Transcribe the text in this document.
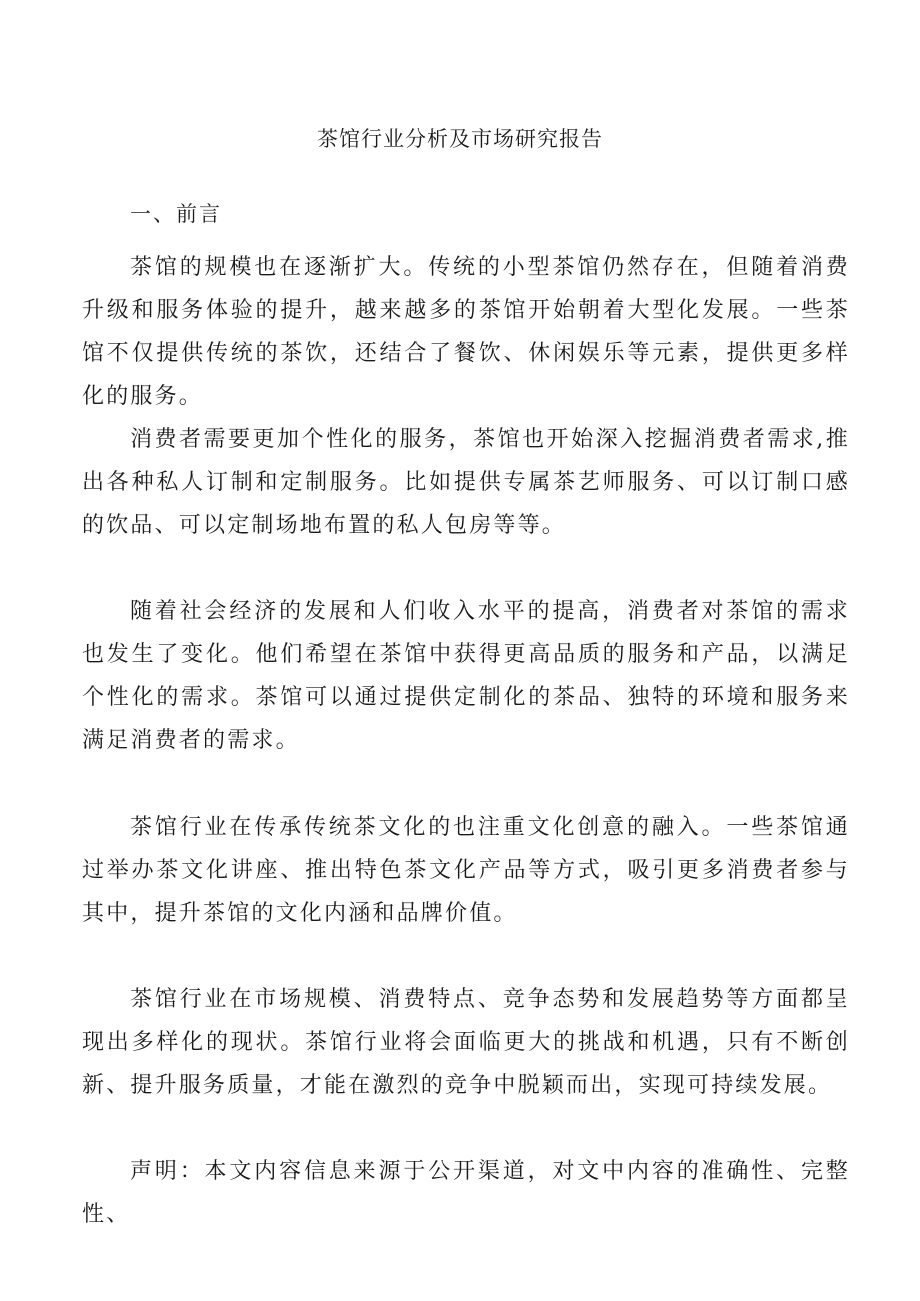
茶馆行业分析及市场研究报告
一、前言

茶馆的规模也在逐渐扩大。传统的小型茶馆仍然存在，但随着消费升级和服务体验的提升，越来越多的茶馆开始朝着大型化发展。一些茶馆不仅提供传统的茶饮，还结合了餐饮、休闲娱乐等元素，提供更多样化的服务。

消费者需要更加个性化的服务，茶馆也开始深入挖掘消费者需求,推出各种私人订制和定制服务。比如提供专属茶艺师服务、可以订制口感的饮品、可以定制场地布置的私人包房等等。

随着社会经济的发展和人们收入水平的提高，消费者对茶馆的需求也发生了变化。他们希望在茶馆中获得更高品质的服务和产品，以满足个性化的需求。茶馆可以通过提供定制化的茶品、独特的环境和服务来满足消费者的需求。

茶馆行业在传承传统茶文化的也注重文化创意的融入。一些茶馆通过举办茶文化讲座、推出特色茶文化产品等方式，吸引更多消费者参与其中，提升茶馆的文化内涵和品牌价值。

茶馆行业在市场规模、消费特点、竞争态势和发展趋势等方面都呈现出多样化的现状。茶馆行业将会面临更大的挑战和机遇，只有不断创新、提升服务质量，才能在激烈的竞争中脱颖而出，实现可持续发展。

声明：本文内容信息来源于公开渠道，对文中内容的准确性、完整性、
